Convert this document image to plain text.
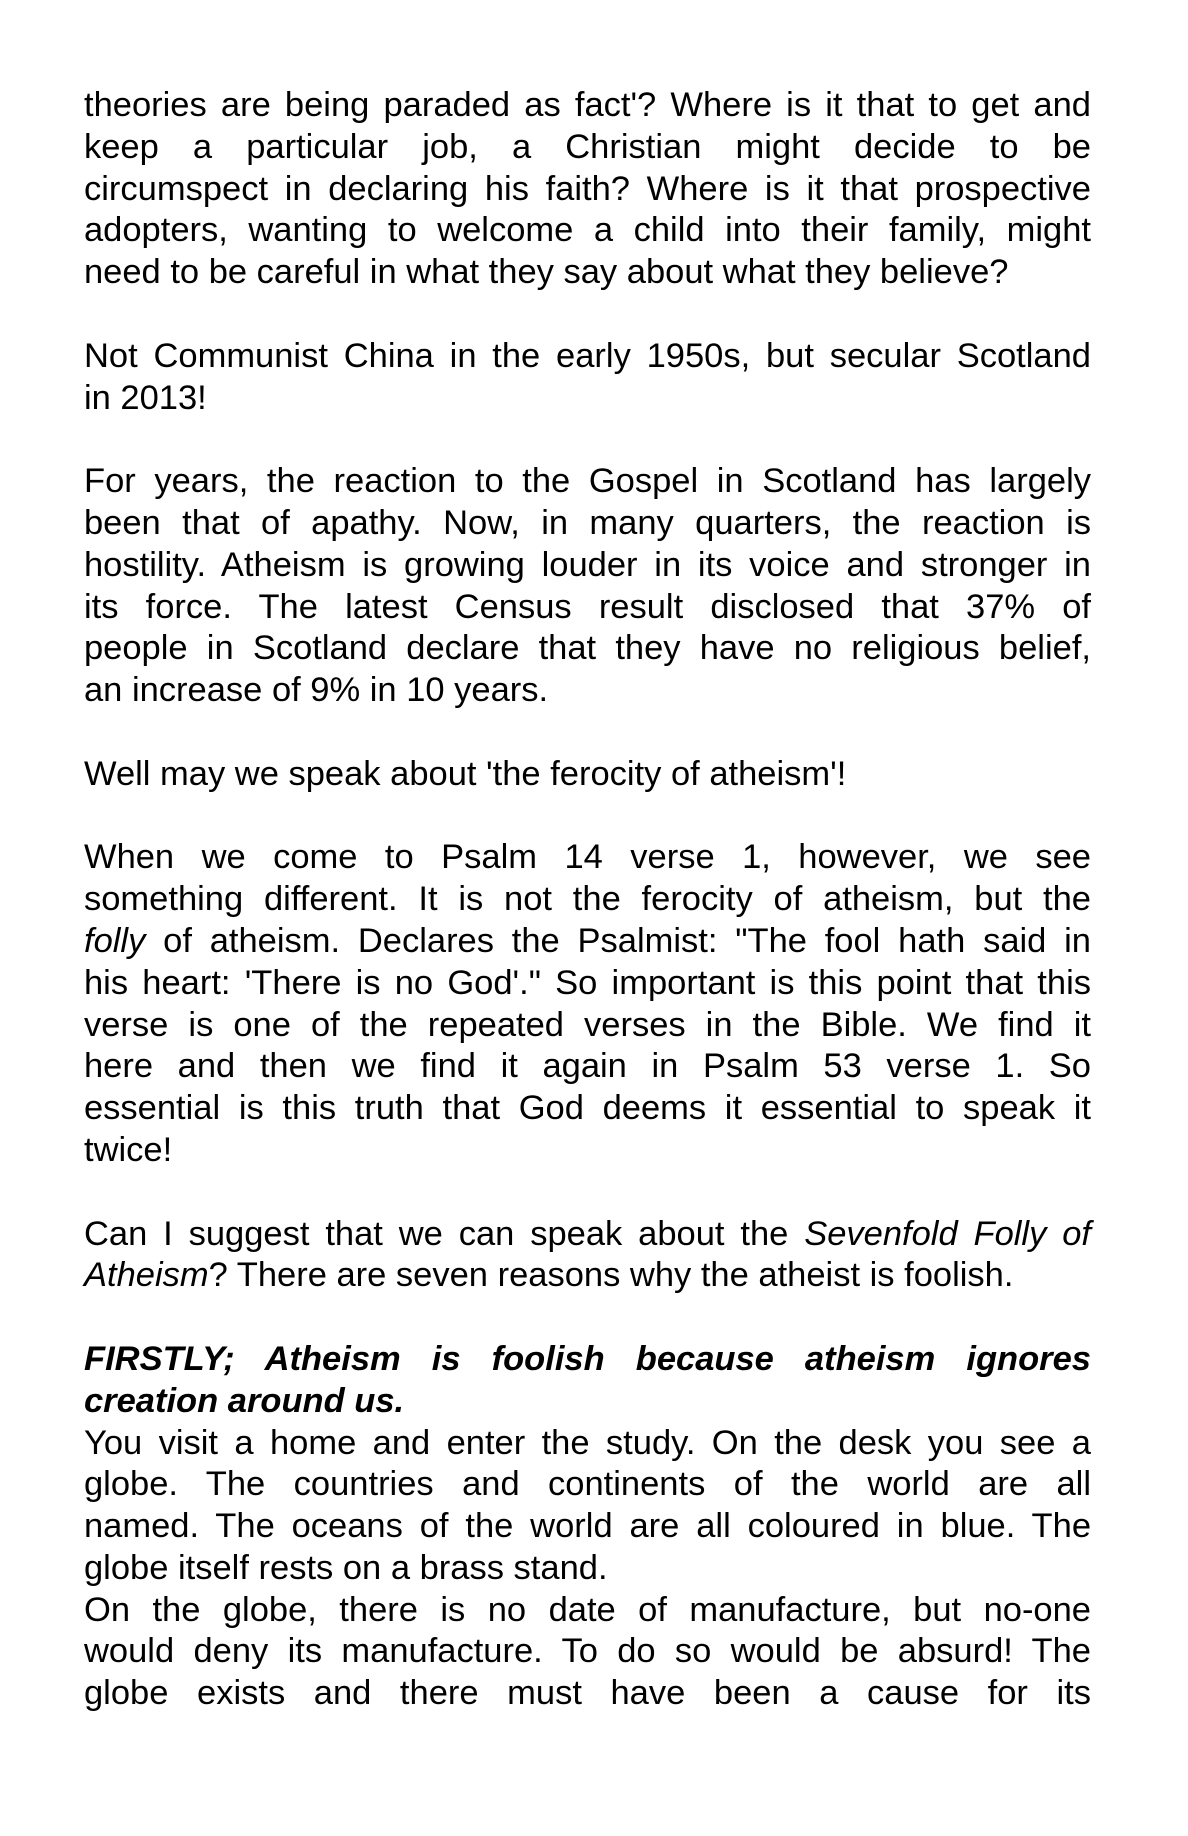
theories are being paraded as fact'? Where is it that to get and
keep a particular job, a Christian might decide to be
circumspect in declaring his faith? Where is it that prospective
adopters, wanting to welcome a child into their family, might
need to be careful in what they say about what they believe?
Not Communist China in the early 1950s, but secular Scotland
in 2013!
For years, the reaction to the Gospel in Scotland has largely
been that of apathy. Now, in many quarters, the reaction is
hostility. Atheism is growing louder in its voice and stronger in
its force. The latest Census result disclosed that 37% of
people in Scotland declare that they have no religious belief,
an increase of 9% in 10 years.
Well may we speak about 'the ferocity of atheism'!
When we come to Psalm 14 verse 1, however, we see
something different. It is not the ferocity of atheism, but the
folly of atheism. Declares the Psalmist: "The fool hath said in
his heart: 'There is no God'." So important is this point that this
verse is one of the repeated verses in the Bible. We find it
here and then we find it again in Psalm 53 verse 1. So
essential is this truth that God deems it essential to speak it
twice!
Can I suggest that we can speak about the Sevenfold Folly of
Atheism? There are seven reasons why the atheist is foolish.
FIRSTLY; Atheism is foolish because atheism ignores
creation around us.
You visit a home and enter the study. On the desk you see a
globe. The countries and continents of the world are all
named. The oceans of the world are all coloured in blue. The
globe itself rests on a brass stand.
On the globe, there is no date of manufacture, but no-one
would deny its manufacture. To do so would be absurd! The
globe exists and there must have been a cause for its
